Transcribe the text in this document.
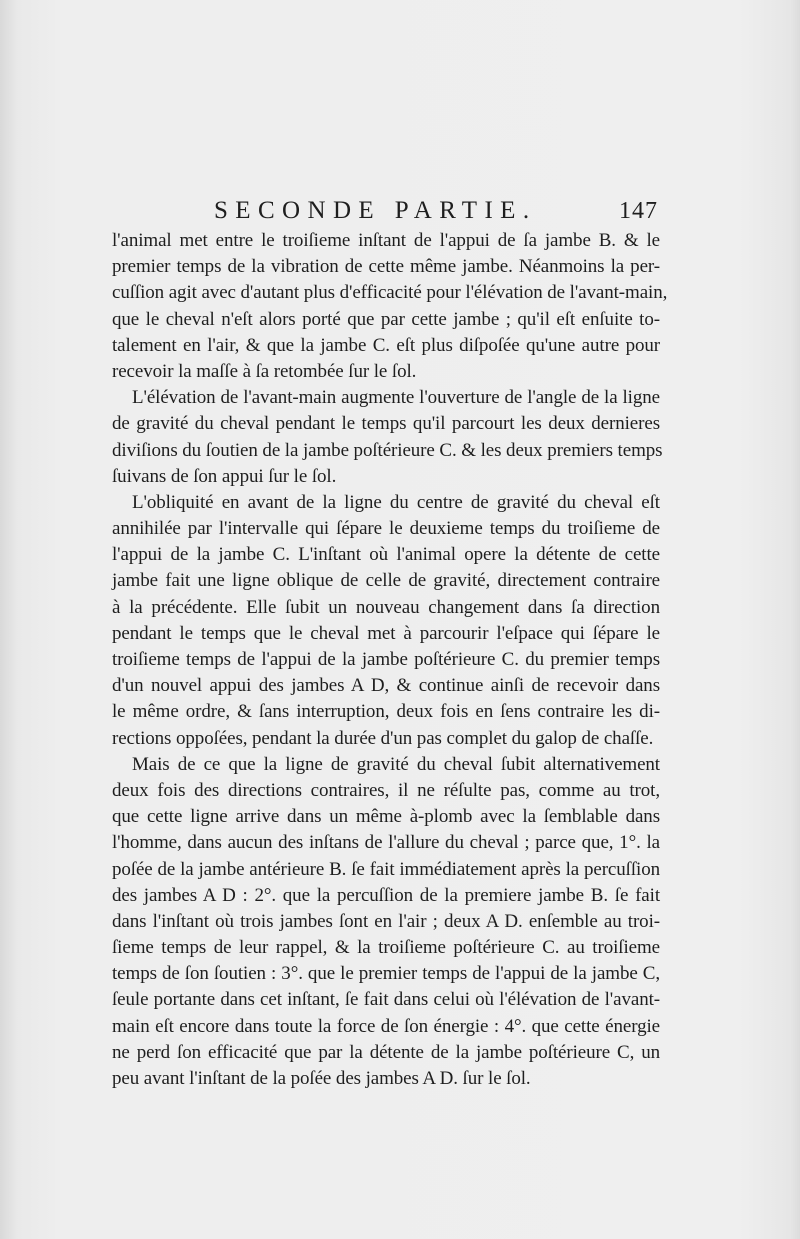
SECONDE PARTIE.	147
l'animal met entre le troiſieme inſtant de l'appui de ſa jambe B. & le
premier temps de la vibration de cette même jambe. Néanmoins la per-
cuſſion agit avec d'autant plus d'efficacité pour l'élévation de l'avant-main,
que le cheval n'eſt alors porté que par cette jambe ; qu'il eſt enſuite to-
talement en l'air, & que la jambe C. eſt plus diſpoſée qu'une autre pour
recevoir la maſſe à ſa retombée ſur le ſol.
L'élévation de l'avant-main augmente l'ouverture de l'angle de la ligne
de gravité du cheval pendant le temps qu'il parcourt les deux dernieres
diviſions du ſoutien de la jambe poſtérieure C. & les deux premiers temps
ſuivans de ſon appui ſur le ſol.
L'obliquité en avant de la ligne du centre de gravité du cheval eſt
annihilée par l'intervalle qui ſépare le deuxieme temps du troiſieme de
l'appui de la jambe C. L'inſtant où l'animal opere la détente de cette
jambe fait une ligne oblique de celle de gravité, directement contraire
à la précédente. Elle ſubit un nouveau changement dans ſa direction
pendant le temps que le cheval met à parcourir l'eſpace qui ſépare le
troiſieme temps de l'appui de la jambe poſtérieure C. du premier temps
d'un nouvel appui des jambes A D, & continue ainſi de recevoir dans
le même ordre, & ſans interruption, deux fois en ſens contraire les di-
rections oppoſées, pendant la durée d'un pas complet du galop de chaſſe.
Mais de ce que la ligne de gravité du cheval ſubit alternativement
deux fois des directions contraires, il ne réſulte pas, comme au trot,
que cette ligne arrive dans un même à-plomb avec la ſemblable dans
l'homme, dans aucun des inſtans de l'allure du cheval ; parce que, 1°. la
poſée de la jambe antérieure B. ſe fait immédiatement après la percuſſion
des jambes A D : 2°. que la percuſſion de la premiere jambe B. ſe fait
dans l'inſtant où trois jambes ſont en l'air ; deux A D. enſemble au troi-
ſieme temps de leur rappel, & la troiſieme poſtérieure C. au troiſieme
temps de ſon ſoutien : 3°. que le premier temps de l'appui de la jambe C,
ſeule portante dans cet inſtant, ſe fait dans celui où l'élévation de l'avant-
main eſt encore dans toute la force de ſon énergie : 4°. que cette énergie
ne perd ſon efficacité que par la détente de la jambe poſtérieure C, un
peu avant l'inſtant de la poſée des jambes A D. ſur le ſol.
